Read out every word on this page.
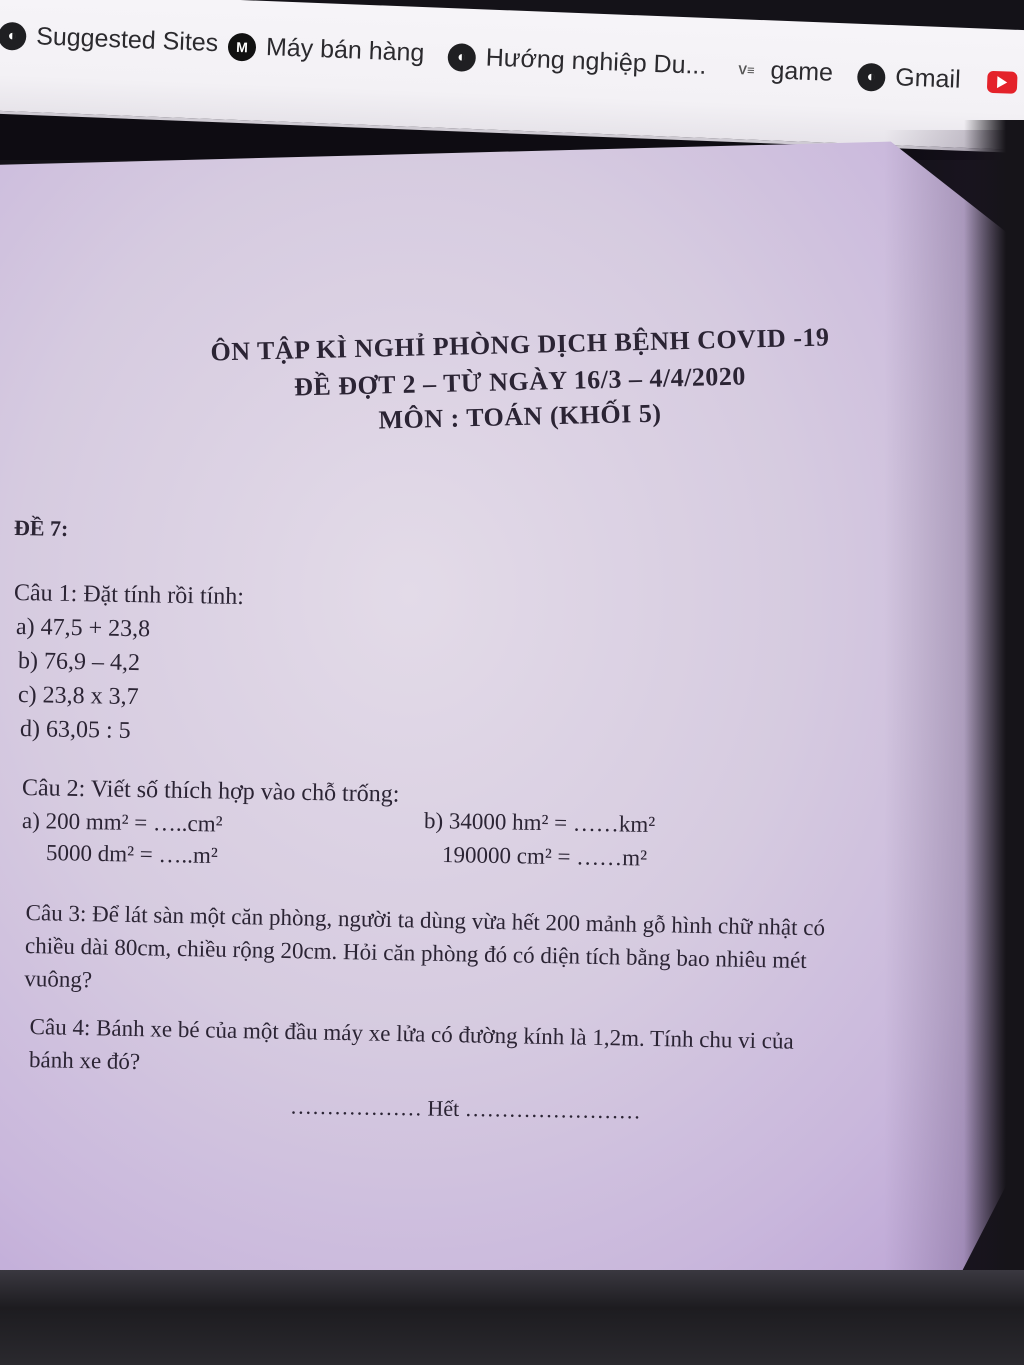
◐ Suggested Sites	M Máy bán hàng	◐ Hướng nghiệp Du...	V≡ game	◐ Gmail
ÔN TẬP KÌ NGHỈ PHÒNG DỊCH BỆNH COVID -19
ĐỀ ĐỢT 2 – TỪ NGÀY 16/3 – 4/4/2020
MÔN : TOÁN (KHỐI 5)
ĐỀ 7:
Câu 1: Đặt tính rồi tính:
a) 47,5 + 23,8
b) 76,9 – 4,2
c) 23,8 x 3,7
d) 63,05 : 5
Câu 2: Viết số thích hợp vào chỗ trống:
a) 200 mm² = …..cm²
5000 dm² = …..m²
b) 34000 hm² = ……km²
190000 cm² = ……m²
Câu 3: Để lát sàn một căn phòng, người ta dùng vừa hết 200 mảnh gỗ hình chữ nhật có
chiều dài 80cm, chiều rộng 20cm. Hỏi căn phòng đó có diện tích bằng bao nhiêu mét
vuông?
Câu 4: Bánh xe bé của một đầu máy xe lửa có đường kính là 1,2m. Tính chu vi của
bánh xe đó?
……………… Hết ……………………
